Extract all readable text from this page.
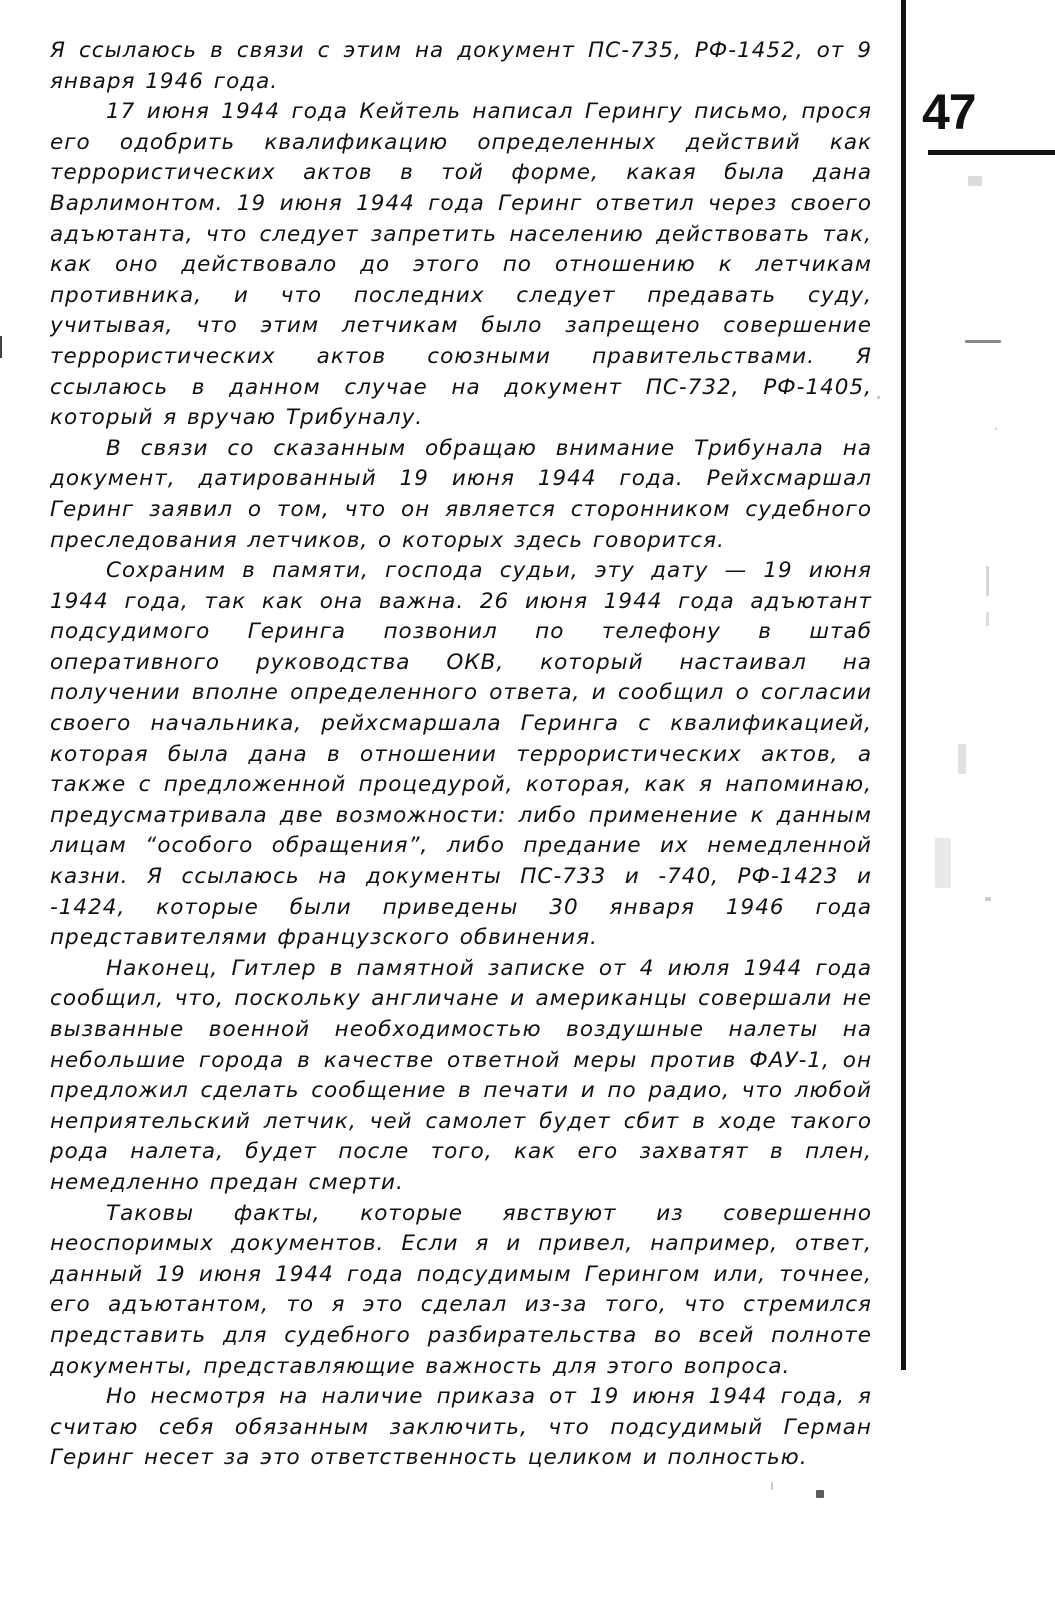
Я ссылаюсь в связи с этим на документ ПС-735, РФ-1452, от 9 января 1946 года.

17 июня 1944 года Кейтель написал Герингу письмо, прося его одобрить квалификацию определенных действий как террористических актов в той форме, какая была дана Варлимонтом. 19 июня 1944 года Геринг ответил через своего адъютанта, что следует запретить населению действовать так, как оно действовало до этого по отношению к летчикам противника, и что последних следует предавать суду, учитывая, что этим летчикам было запрещено совершение террористических актов союзными правительствами. Я ссылаюсь в данном случае на документ ПС-732, РФ-1405, который я вручаю Трибуналу.

В связи со сказанным обращаю внимание Трибунала на документ, датированный 19 июня 1944 года. Рейхсмаршал Геринг заявил о том, что он является сторонником судебного преследования летчиков, о которых здесь говорится.

Сохраним в памяти, господа судьи, эту дату — 19 июня 1944 года, так как она важна. 26 июня 1944 года адъютант подсудимого Геринга позвонил по телефону в штаб оперативного руководства ОКВ, который настаивал на получении вполне определенного ответа, и сообщил о согласии своего начальника, рейхсмаршала Геринга с квалификацией, которая была дана в отношении террористических актов, а также с предложенной процедурой, которая, как я напоминаю, предусматривала две возможности: либо применение к данным лицам “особого обращения”, либо предание их немедленной казни. Я ссылаюсь на документы ПС-733 и -740, РФ-1423 и -1424, которые были приведены 30 января 1946 года представителями французского обвинения.

Наконец, Гитлер в памятной записке от 4 июля 1944 года сообщил, что, поскольку англичане и американцы совершали не вызванные военной необходимостью воздушные налеты на небольшие города в качестве ответной меры против ФАУ-1, он предложил сделать сообщение в печати и по радио, что любой неприятельский летчик, чей самолет будет сбит в ходе такого рода налета, будет после того, как его захватят в плен, немедленно предан смерти.

Таковы факты, которые явствуют из совершенно неоспоримых документов. Если я и привел, например, ответ, данный 19 июня 1944 года подсудимым Герингом или, точнее, его адъютантом, то я это сделал из-за того, что стремился представить для судебного разбирательства во всей полноте документы, представляющие важность для этого вопроса.

Но несмотря на наличие приказа от 19 июня 1944 года, я считаю себя обязанным заключить, что подсудимый Герман Геринг несет за это ответственность целиком и полностью.

47
